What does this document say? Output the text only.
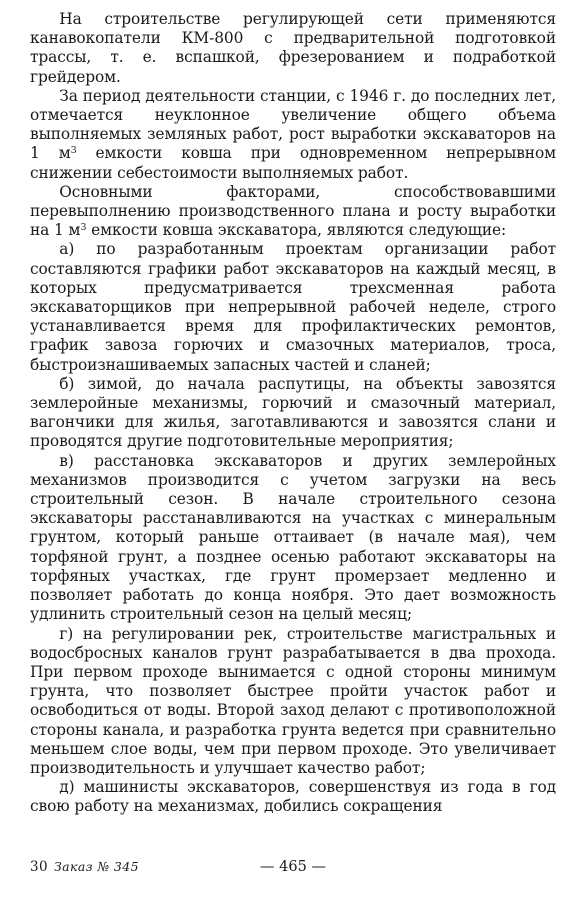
На строительстве регулирующей сети применяются канавокопатели КМ-800 с предварительной подготовкой трассы, т. е. вспашкой, фрезерованием и подработкой грейдером.

За период деятельности станции, с 1946 г. до последних лет, отмечается неуклонное увеличение общего объема выполняемых земляных работ, рост выработки экскаваторов на 1 $м^3$ емкости ковша при одновременном непрерывном снижении себестоимости выполняемых работ.

Основными факторами, способствовавшими перевыполнению производственного плана и росту выработки на 1 $м^3$ емкости ковша экскаватора, являются следующие:

а) по разработанным проектам организации работ составляются графики работ экскаваторов на каждый месяц, в которых предусматривается трехсменная работа экскаваторщиков при непрерывной рабочей неделе, строго устанавливается время для профилактических ремонтов, график завоза горючих и смазочных материалов, троса, быстроизнашиваемых запасных частей и сланей;

б) зимой, до начала распутицы, на объекты завозятся землеройные механизмы, горючий и смазочный материал, вагончики для жилья, заготавливаются и завозятся слани и проводятся другие подготовительные мероприятия;

в) расстановка экскаваторов и других землеройных механизмов производится с учетом загрузки на весь строительный сезон. В начале строительного сезона экскаваторы расстанавливаются на участках с минеральным грунтом, который раньше оттаивает (в начале мая), чем торфяной грунт, а позднее осенью работают экскаваторы на торфяных участках, где грунт промерзает медленно и позволяет работать до конца ноября. Это дает возможность удлинить строительный сезон на целый месяц;

г) на регулировании рек, строительстве магистральных и водосбросных каналов грунт разрабатывается в два прохода. При первом проходе вынимается с одной стороны минимум грунта, что позволяет быстрее пройти участок работ и освободиться от воды. Второй заход делают с противоположной стороны канала, и разработка грунта ведется при сравнительно меньшем слое воды, чем при первом проходе. Это увеличивает производительность и улучшает качество работ;

д) машинисты экскаваторов, совершенствуя из года в год свою работу на механизмах, добились сокращения

30 Заказ № 345	— 465 —
